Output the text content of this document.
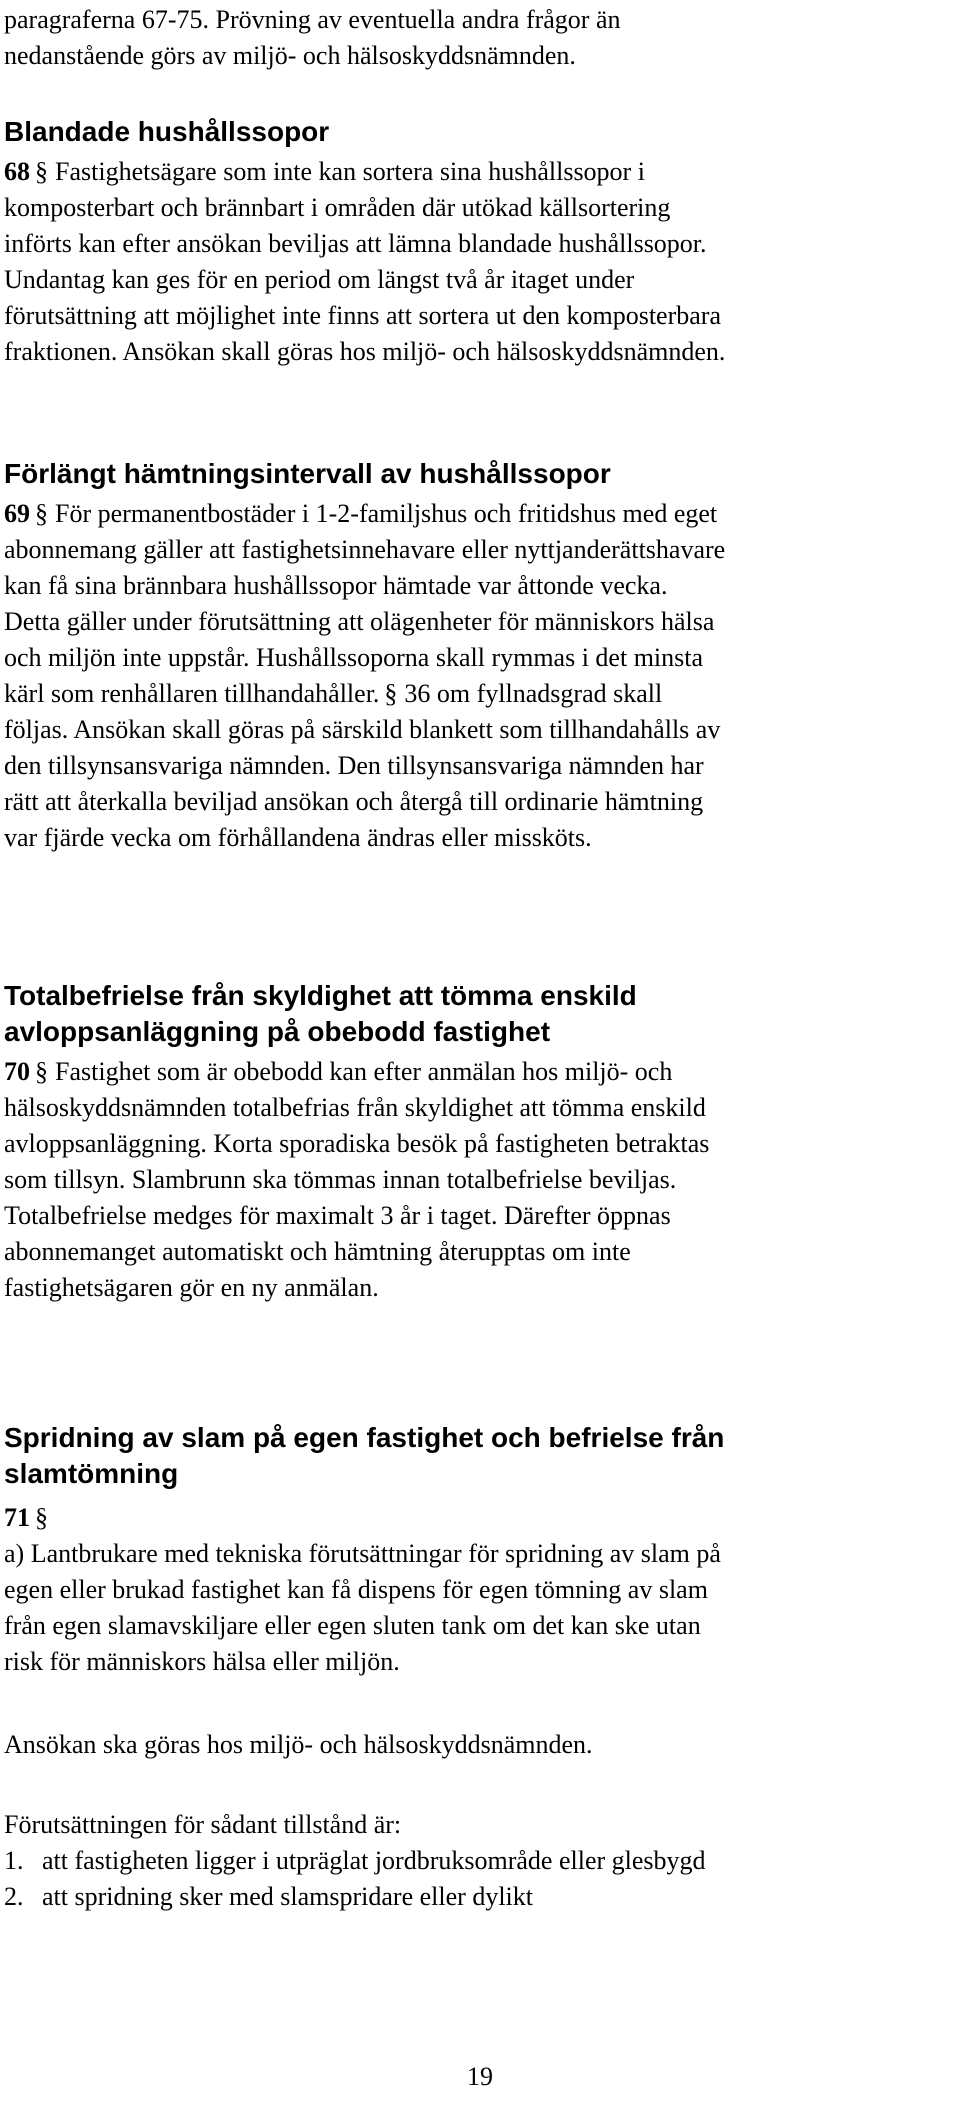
paragraferna 67-75. Prövning av eventuella andra frågor än
nedanstående görs av miljö- och hälsoskyddsnämnden.
Blandade hushållssopor
68 § Fastighetsägare som inte kan sortera sina hushållssopor i
komposterbart och brännbart i områden där utökad källsortering
införts kan efter ansökan beviljas att lämna blandade hushållssopor.
Undantag kan ges för en period om längst två år itaget under
förutsättning att möjlighet inte finns att sortera ut den komposterbara
fraktionen. Ansökan skall göras hos miljö- och hälsoskyddsnämnden.
Förlängt hämtningsintervall av hushållssopor
69 § För permanentbostäder i 1-2-familjshus och fritidshus med eget
abonnemang gäller att fastighetsinnehavare eller nyttjanderättshavare
kan få sina brännbara hushållssopor hämtade var åttonde vecka.
Detta gäller under förutsättning att olägenheter för människors hälsa
och miljön inte uppstår. Hushållssoporna skall rymmas i det minsta
kärl som renhållaren tillhandahåller. § 36 om fyllnadsgrad skall
följas. Ansökan skall göras på särskild blankett som tillhandahålls av
den tillsynsansvariga nämnden. Den tillsynsansvariga nämnden har
rätt att återkalla beviljad ansökan och återgå till ordinarie hämtning
var fjärde vecka om förhållandena ändras eller missköts.
Totalbefrielse från skyldighet att tömma enskild
avloppsanläggning på obebodd fastighet
70 § Fastighet som är obebodd kan efter anmälan hos miljö- och
hälsoskyddsnämnden totalbefrias från skyldighet att tömma enskild
avloppsanläggning. Korta sporadiska besök på fastigheten betraktas
som tillsyn. Slambrunn ska tömmas innan totalbefrielse beviljas.
Totalbefrielse medges för maximalt 3 år i taget. Därefter öppnas
abonnemanget automatiskt och hämtning återupptas om inte
fastighetsägaren gör en ny anmälan.
Spridning av slam på egen fastighet och befrielse från
slamtömning
71 §
a) Lantbrukare med tekniska förutsättningar för spridning av slam på
egen eller brukad fastighet kan få dispens för egen tömning av slam
från egen slamavskiljare eller egen sluten tank om det kan ske utan
risk för människors hälsa eller miljön.
Ansökan ska göras hos miljö- och hälsoskyddsnämnden.
Förutsättningen för sådant tillstånd är:
1. att fastigheten ligger i utpräglat jordbruksområde eller glesbygd
2. att spridning sker med slamspridare eller dylikt
19
